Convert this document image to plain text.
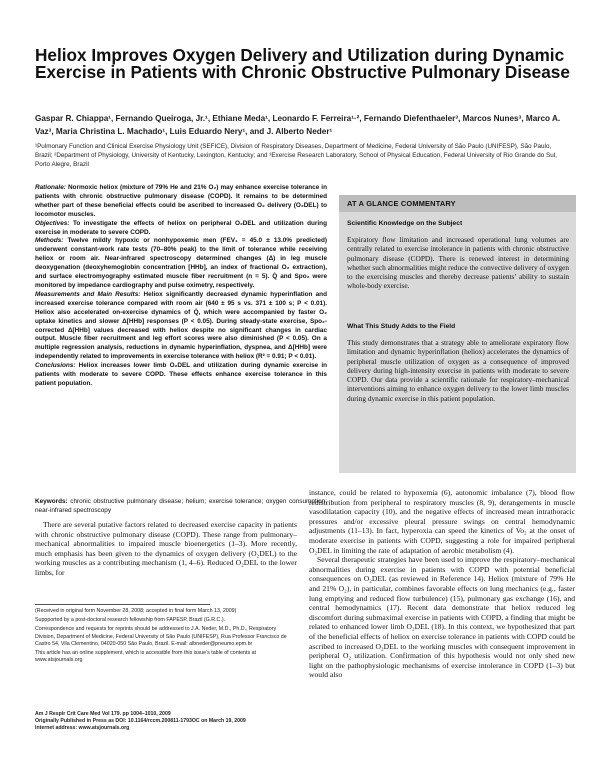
Heliox Improves Oxygen Delivery and Utilization during Dynamic Exercise in Patients with Chronic Obstructive Pulmonary Disease
Gaspar R. Chiappa¹, Fernando Queiroga, Jr.¹, Ethiane Meda¹, Leonardo F. Ferreira¹·², Fernando Diefenthaeler³, Marcos Nunes³, Marco A. Vaz³, Maria Christina L. Machado¹, Luis Eduardo Nery¹, and J. Alberto Neder¹
¹Pulmonary Function and Clinical Exercise Physiology Unit (SEFICE), Division of Respiratory Diseases, Department of Medicine, Federal University of São Paulo (UNIFESP), São Paulo, Brazil; ²Department of Physiology, University of Kentucky, Lexington, Kentucky; and ³Exercise Research Laboratory, School of Physical Education, Federal University of Rio Grande do Sul, Porto Alegre, Brazil

Rationale: Normoxic heliox (mixture of 79% He and 21% O₂) may enhance exercise tolerance in patients with chronic obstructive pulmonary disease (COPD). It remains to be determined whether part of these beneficial effects could be ascribed to increased O₂ delivery (O₂DEL) to locomotor muscles.

Objectives: To investigate the effects of heliox on peripheral O₂DEL and utilization during exercise in moderate to severe COPD.

Methods: Twelve mildly hypoxic or nonhypoxemic men (FEV₁ = 45.0 ± 13.0% predicted) underwent constant-work rate tests (70–80% peak) to the limit of tolerance while receiving heliox or room air. Near-infrared spectroscopy determined changes (Δ) in leg muscle deoxygenation (deoxyhemoglobin concentration [HHb], an index of fractional O₂ extraction), and surface electromyography estimated muscle fiber recruitment (n = 5). Q̇ and Spo₂ were monitored by impedance cardiography and pulse oximetry, respectively.

Measurements and Main Results: Heliox significantly decreased dynamic hyperinflation and increased exercise tolerance compared with room air (640 ± 95 s vs. 371 ± 100 s; P < 0.01). Heliox also accelerated on-exercise dynamics of Q̇, which were accompanied by faster O₂ uptake kinetics and slower Δ[HHb] responses (P < 0.05). During steady-state exercise, Spo₂-corrected Δ[HHb] values decreased with heliox despite no significant changes in cardiac output. Muscle fiber recruitment and leg effort scores were also diminished (P < 0.05). On a multiple regression analysis, reductions in dynamic hyperinflation, dyspnea, and Δ[HHb] were independently related to improvements in exercise tolerance with heliox (R² = 0.91; P < 0.01).

Conclusions: Heliox increases lower limb O₂DEL and utilization during dynamic exercise in patients with moderate to severe COPD. These effects enhance exercise tolerance in this patient population.

Keywords: chronic obstructive pulmonary disease; helium; exercise tolerance; oxygen consumption; near-infrared spectroscopy
AT A GLANCE COMMENTARY
Scientific Knowledge on the Subject

Expiratory flow limitation and increased operational lung volumes are centrally related to exercise intolerance in patients with chronic obstructive pulmonary disease (COPD). There is renewed interest in determining whether such abnormalities might reduce the convective delivery of oxygen to the exercising muscles and thereby decrease patients’ ability to sustain whole-body exercise.

What This Study Adds to the Field

This study demonstrates that a strategy able to ameliorate expiratory flow limitation and dynamic hyperinflation (heliox) accelerates the dynamics of peripheral muscle utilization of oxygen as a consequence of improved delivery during high-intensity exercise in patients with moderate to severe COPD. Our data provide a scientific rationale for respiratory–mechanical interventions aiming to enhance oxygen delivery to the lower limb muscles during dynamic exercise in this patient population.

There are several putative factors related to decreased exercise capacity in patients with chronic obstructive pulmonary disease (COPD). These range from pulmonary–mechanical abnormalities to impaired muscle bioenergetics (1–3). More recently, much emphasis has been given to the dynamics of oxygen delivery (O₂DEL) to the working muscles as a contributing mechanism (1, 4–6). Reduced O₂DEL to the lower limbs, for

instance, could be related to hypoxemia (6), autonomic imbalance (7), blood flow redistribution from peripheral to respiratory muscles (8, 9), derangements in muscle vasodilatation capacity (10), and the negative effects of increased mean intrathoracic pressures and/or excessive pleural pressure swings on central hemodynamic adjustments (11–13). In fact, hyperoxia can speed the kinetics of V̇o₂ at the onset of moderate exercise in patients with COPD, suggesting a role for impaired peripheral O₂DEL in limiting the rate of adaptation of aerobic metabolism (4).

Several therapeutic strategies have been used to improve the respiratory–mechanical abnormalities during exercise in patients with COPD with potential beneficial consequences on O₂DEL (as reviewed in Reference 14). Heliox (mixture of 79% He and 21% O₂), in particular, combines favorable effects on lung mechanics (e.g., faster lung emptying and reduced flow turbulence) (15), pulmonary gas exchange (16), and central hemodynamics (17). Recent data demonstrate that heliox reduced leg discomfort during submaximal exercise in patients with COPD, a finding that might be related to enhanced lower limb O₂DEL (18). In this context, we hypothesized that part of the beneficial effects of heliox on exercise tolerance in patients with COPD could be ascribed to increased O₂DEL to the working muscles with consequent improvement in peripheral O₂ utilization. Confirmation of this hypothesis would not only shed new light on the pathophysiologic mechanisms of exercise intolerance in COPD (1–3) but would also

(Received in original form November 28, 2008; accepted in final form March 13, 2009)

Suppported by a post-doctoral research fellowship from FAPESP, Brazil (G.R.C.).

Correspondence and requests for reprints should be addressed to J.A. Neder, M.D., Ph.D., Respiratory Division, Department of Medicine, Federal University of São Paulo (UNIFESP), Rua Professor Francisco de Castro 54, Vila Clementino, 04020-050 São Paulo, Brazil. E-mail: albneder@pneumo.epm.br

This article has an online supplement, which is accessible from this issue’s table of contents at www.atsjournals.org

Am J Respir Crit Care Med Vol 179. pp 1004–1010, 2009
Originally Published in Press as DOI: 10.1164/rccm.200811-1793OC on March 19, 2009
Internet address: www.atsjournals.org
